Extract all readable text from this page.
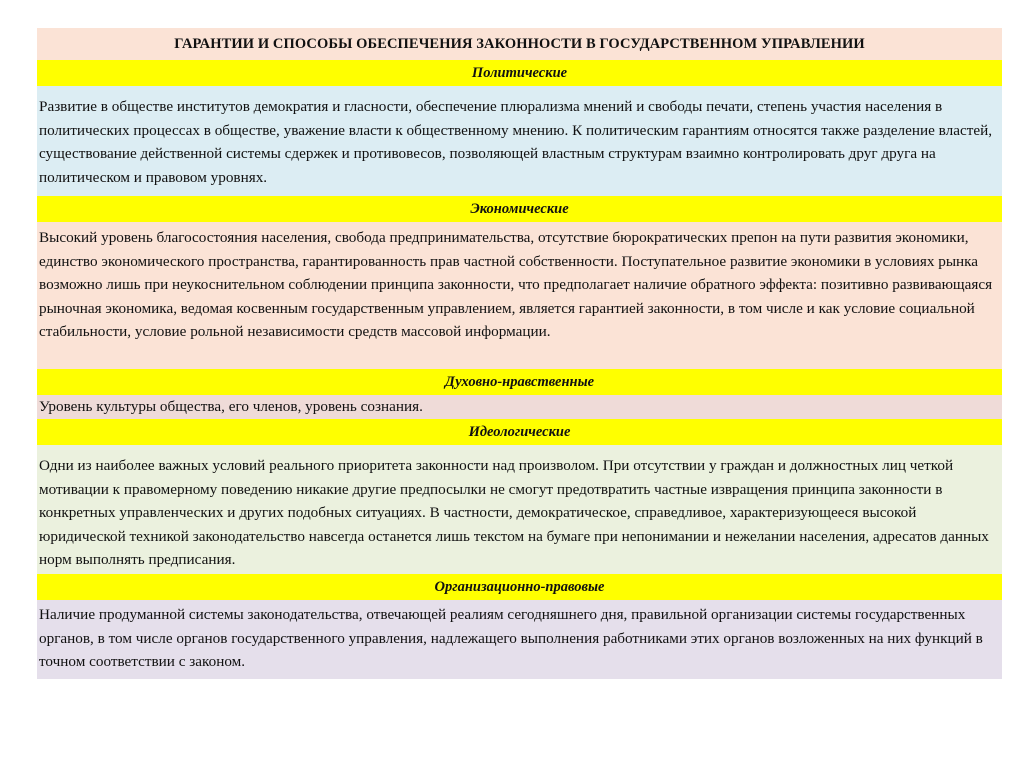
ГАРАНТИИ И СПОСОБЫ ОБЕСПЕЧЕНИЯ ЗАКОННОСТИ В ГОСУДАРСТВЕННОМ УПРАВЛЕНИИ
Политические
Развитие в обществе институтов демократия и гласности, обеспечение плюрализма мнений и свободы печати, степень участия населения в политических процессах в обществе, уважение власти к общественному мнению. К политическим гарантиям относятся также разделение властей, существование действенной системы сдержек и противовесов, позволяющей властным структурам взаимно контролировать друг друга на политическом и правовом уровнях.
Экономические
Высокий уровень благосостояния населения, свобода предпринимательства, отсутствие бюрократических препон на пути развития экономики, единство экономического пространства, гарантированность прав частной собственности. Поступательное развитие экономики в условиях рынка возможно лишь при неукоснительном соблюдении принципа законности, что предполагает наличие обратного эффекта: позитивно развивающаяся рыночная экономика, ведомая косвенным государственным управлением, является гарантией законности, в том числе и как условие социальной стабильности, условие рольной независимости средств массовой информации.
Духовно-нравственные
Уровень культуры общества, его членов, уровень сознания.
Идеологические
Одни из наиболее важных условий реального приоритета законности над произволом. При отсутствии у граждан и должностных лиц четкой мотивации к правомерному поведению никакие другие предпосылки не смогут предотвратить частные извращения принципа законности в конкретных управленческих и других подобных ситуациях. В частности, демократическое, справедливое, характеризующееся высокой юридической техникой законодательство навсегда останется лишь текстом на бумаге при непонимании и нежелании населения, адресатов данных норм выполнять предписания.
Организационно-правовые
Наличие продуманной системы законодательства, отвечающей реалиям сегодняшнего дня, правильной организации системы государственных органов, в том числе органов государственного управления, надлежащего выполнения работниками этих органов возложенных на них функций в точном соответствии с законом.
